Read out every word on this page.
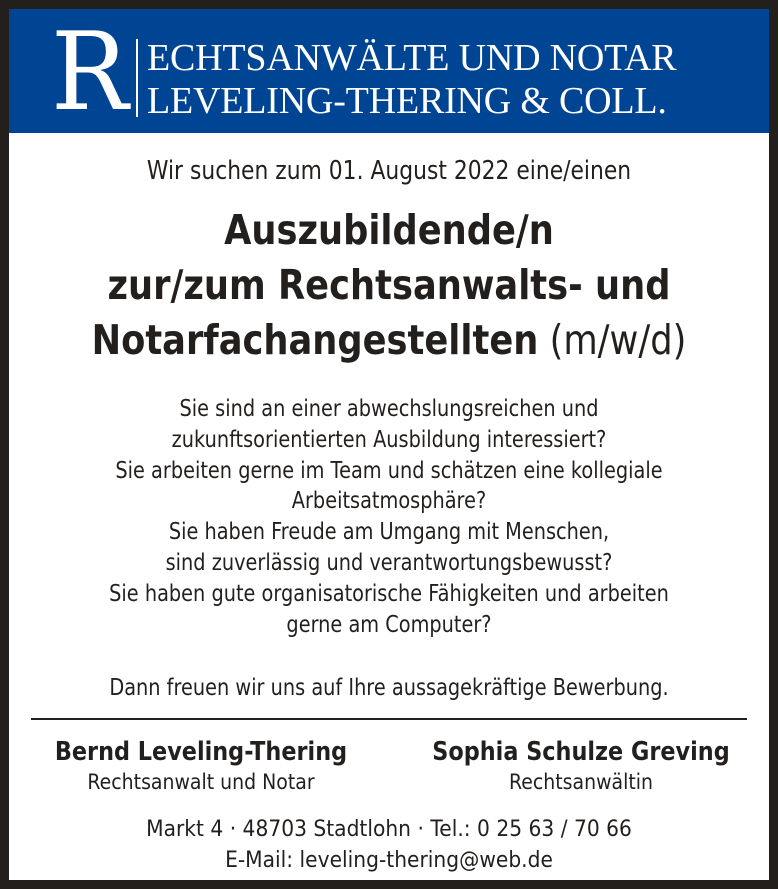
R ECHTSANWÄLTE UND NOTAR
LEVELING-THERING & COLL.
Wir suchen zum 01. August 2022 eine/einen
Auszubildende/n
zur/zum Rechtsanwalts- und
Notarfachangestellten (m/w/d)
Sie sind an einer abwechslungsreichen und
zukunftsorientierten Ausbildung interessiert?
Sie arbeiten gerne im Team und schätzen eine kollegiale
Arbeitsatmosphäre?
Sie haben Freude am Umgang mit Menschen,
sind zuverlässig und verantwortungsbewusst?
Sie haben gute organisatorische Fähigkeiten und arbeiten
gerne am Computer?
Dann freuen wir uns auf Ihre aussagekräftige Bewerbung.
Bernd Leveling-Thering
Rechtsanwalt und Notar
Sophia Schulze Greving
Rechtsanwältin
Markt 4 · 48703 Stadtlohn · Tel.: 0 25 63 / 70 66
E-Mail: leveling-thering@web.de
